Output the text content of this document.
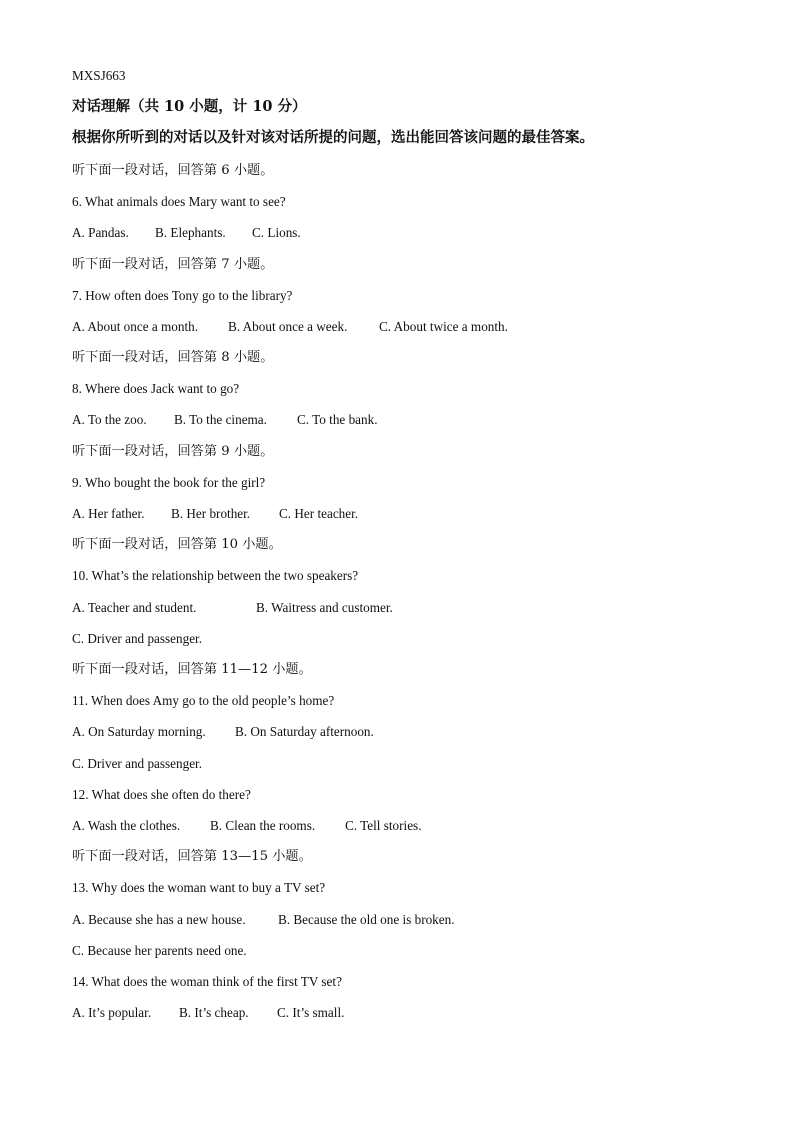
MXSJ663
对话理解（共 10 小题，计 10 分）
根据你所听到的对话以及针对该对话所提的问题，选出能回答该问题的最佳答案。
听下面一段对话，回答第 6 小题。
6. What animals does Mary want to see?
A. Pandas. B. Elephants. C. Lions.
听下面一段对话，回答第 7 小题。
7. How often does Tony go to the library?
A. About once a month. B. About once a week. C. About twice a month.
听下面一段对话，回答第 8 小题。
8. Where does Jack want to go?
A. To the zoo. B. To the cinema. C. To the bank.
听下面一段对话，回答第 9 小题。
9. Who bought the book for the girl?
A. Her father. B. Her brother. C. Her teacher.
听下面一段对话，回答第 10 小题。
10. What’s the relationship between the two speakers?
A. Teacher and student.	B. Waitress and customer.
C. Driver and passenger.
听下面一段对话，回答第 11—12 小题。
11. When does Amy go to the old people’s home?
A. On Saturday morning. B. On Saturday afternoon.
C. Driver and passenger.
12. What does she often do there?
A. Wash the clothes. B. Clean the rooms. C. Tell stories.
听下面一段对话，回答第 13—15 小题。
13. Why does the woman want to buy a TV set?
A. Because she has a new house. B. Because the old one is broken.
C. Because her parents need one.
14. What does the woman think of the first TV set?
A. It’s popular. B. It’s cheap. C. It’s small.
